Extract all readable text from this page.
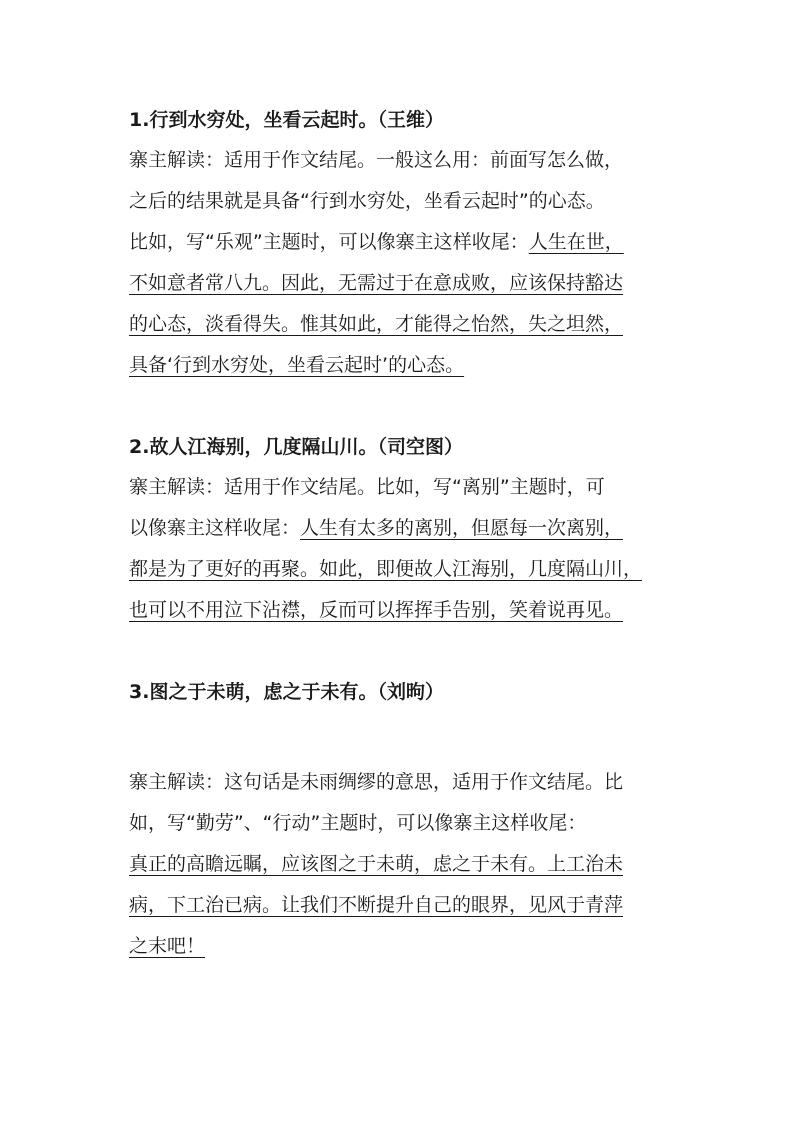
1.行到水穷处，坐看云起时。（王维）
寨主解读：适用于作文结尾。一般这么用：前面写怎么做，
之后的结果就是具备“行到水穷处，坐看云起时”的心态。
比如，写“乐观”主题时，可以像寨主这样收尾：人生在世，
不如意者常八九。因此，无需过于在意成败，应该保持豁达
的心态，淡看得失。惟其如此，才能得之怡然，失之坦然，
具备‘行到水穷处，坐看云起时’的心态。
2.故人江海别，几度隔山川。（司空图）
寨主解读：适用于作文结尾。比如，写“离别”主题时，可
以像寨主这样收尾：人生有太多的离别，但愿每一次离别，
都是为了更好的再聚。如此，即便故人江海别，几度隔山川，
也可以不用泣下沾襟，反而可以挥挥手告别，笑着说再见。
3.图之于未萌，虑之于未有。（刘昫）
寨主解读：这句话是未雨绸缪的意思，适用于作文结尾。比
如，写“勤劳”、“行动”主题时，可以像寨主这样收尾：
真正的高瞻远瞩，应该图之于未萌，虑之于未有。上工治未
病，下工治已病。让我们不断提升自己的眼界，见风于青萍
之末吧！
